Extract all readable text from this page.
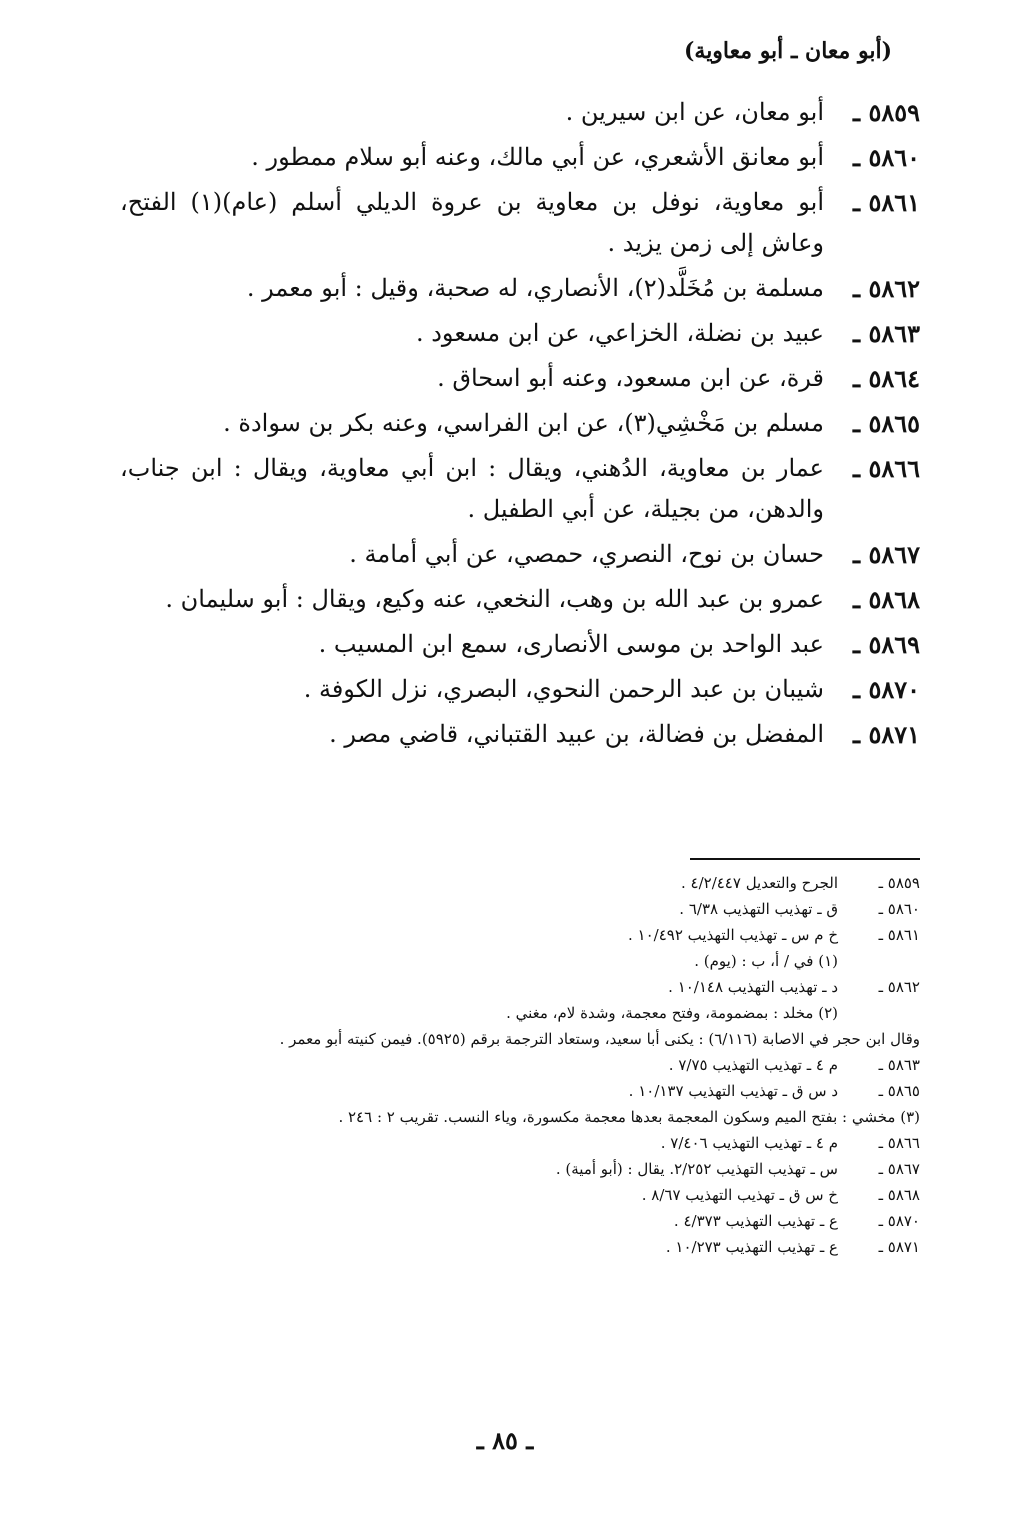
(أبو معان ـ أبو معاوية)
٥٨٥٩ ـ
أبو معان، عن ابن سيرين .
٥٨٦٠ ـ
أبو معانق الأشعري، عن أبي مالك، وعنه أبو سلام ممطور .
٥٨٦١ ـ
أبو معاوية، نوفل بن معاوية بن عروة الديلي أسلم (عام)(١) الفتح، وعاش إلى زمن يزيد .
٥٨٦٢ ـ
مسلمة بن مُخَلَّد(٢)، الأنصاري، له صحبة، وقيل : أبو معمر .
٥٨٦٣ ـ
عبيد بن نضلة، الخزاعي، عن ابن مسعود .
٥٨٦٤ ـ
قرة، عن ابن مسعود، وعنه أبو اسحاق .
٥٨٦٥ ـ
مسلم بن مَخْشِي(٣)، عن ابن الفراسي، وعنه بكر بن سوادة .
٥٨٦٦ ـ
عمار بن معاوية، الدُهني، ويقال : ابن أبي معاوية، ويقال : ابن جناب، والدهن، من بجيلة، عن أبي الطفيل .
٥٨٦٧ ـ
حسان بن نوح، النصري، حمصي، عن أبي أمامة .
٥٨٦٨ ـ
عمرو بن عبد الله بن وهب، النخعي، عنه وكيع، ويقال : أبو سليمان .
٥٨٦٩ ـ
عبد الواحد بن موسى الأنصارى، سمع ابن المسيب .
٥٨٧٠ ـ
شيبان بن عبد الرحمن النحوي، البصري، نزل الكوفة .
٥٨٧١ ـ
المفضل بن فضالة، بن عبيد القتباني، قاضي مصر .
٥٨٥٩ ـ
الجرح والتعديل ٤/٢/٤٤٧ .
٥٨٦٠ ـ
ق ـ تهذيب التهذيب ٦/٣٨ .
٥٨٦١ ـ
خ م س ـ تهذيب التهذيب ١٠/٤٩٢ .
(١) في / أ، ب : (يوم) .
٥٨٦٢ ـ
د ـ تهذيب التهذيب ١٠/١٤٨ .
(٢) مخلد : بمضمومة، وفتح معجمة، وشدة لام، مغني .
وقال ابن حجر في الاصابة (٦/١١٦) : يكنى أبا سعيد، وستعاد الترجمة برقم (٥٩٢٥). فيمن كنيته أبو معمر .
٥٨٦٣ ـ
م ٤ ـ تهذيب التهذيب ٧/٧٥ .
٥٨٦٥ ـ
د س ق ـ تهذيب التهذيب ١٠/١٣٧ .
(٣) مخشي : بفتح الميم وسكون المعجمة بعدها معجمة مكسورة، وياء النسب. تقريب ٢ : ٢٤٦ .
٥٨٦٦ ـ
م ٤ ـ تهذيب التهذيب ٧/٤٠٦ .
٥٨٦٧ ـ
س ـ تهذيب التهذيب ٢/٢٥٢. يقال : (أبو أمية) .
٥٨٦٨ ـ
خ س ق ـ تهذيب التهذيب ٨/٦٧ .
٥٨٧٠ ـ
ع ـ تهذيب التهذيب ٤/٣٧٣ .
٥٨٧١ ـ
ع ـ تهذيب التهذيب ١٠/٢٧٣ .
ـ ٨٥ ـ
